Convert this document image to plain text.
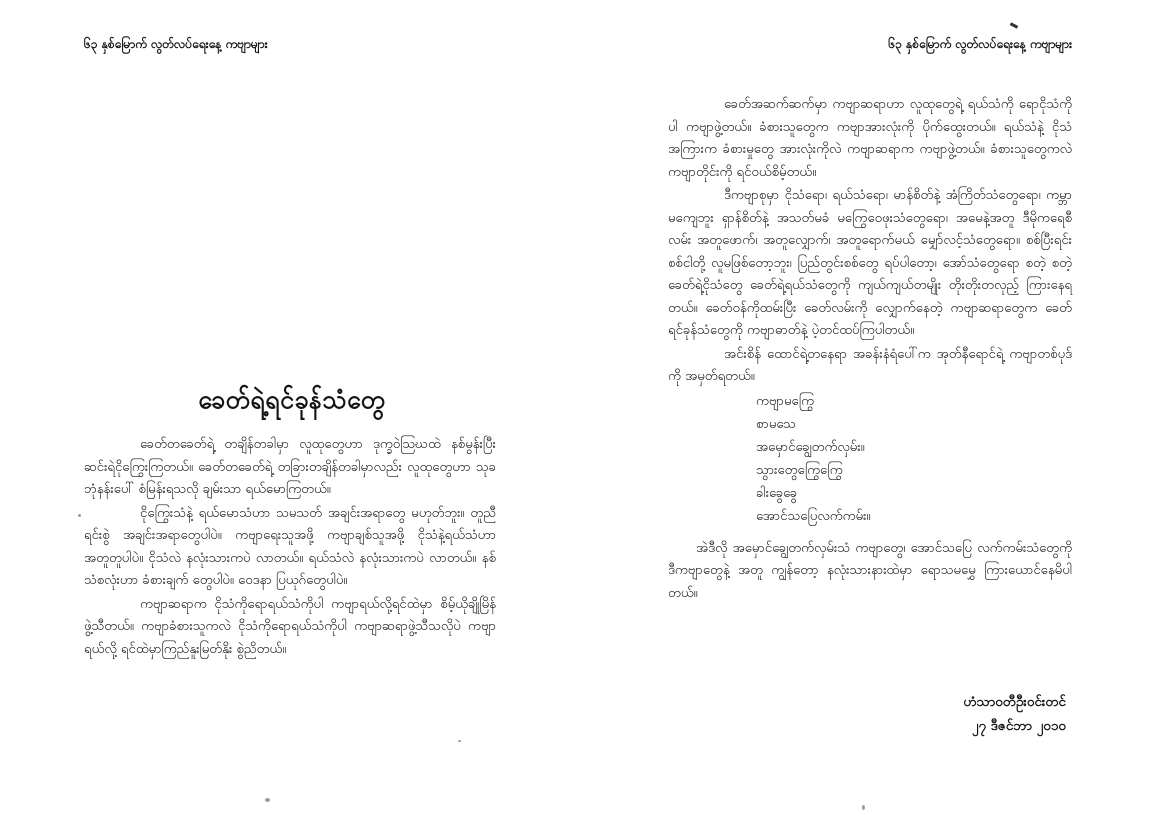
၆၃ နှစ်မြောက် လွတ်လပ်ရေးနေ့ ကဗျာများ
ခေတ်ရဲ့ရင်ခုန်သံတွေ

ခေတ်တခေတ်ရဲ့ တချိန်တခါမှာ လူထုတွေဟာ ဒုက္ခဝဲဩဃထဲ နစ်မွန်းပြီး ဆင်းရဲငိုကြွေးကြတယ်။ ခေတ်တခေတ်ရဲ့ တခြားတချိန်တခါမှာလည်း လူထုတွေဟာ သုခဘုံနန်းပေါ် စံမြန်းရသလို ချမ်းသာ ရယ်မောကြတယ်။

ငိုကြွေးသံနဲ့ ရယ်မောသံဟာ သမသတ် အချင်းအရာတွေ မဟုတ်ဘူး။ တူညီရင်းစွဲ အချင်းအရာတွေပါပဲ။ ကဗျာရေးသူအဖို့ ကဗျာချစ်သူအဖို့ ငိုသံနဲ့ရယ်သံဟာ အတူတူပါပဲ။ ငိုသံလဲ နလုံးသားကပဲ လာတယ်။ ရယ်သံလဲ နလုံးသားကပဲ လာတယ်။ နစ်သံစလုံးဟာ ခံစားချက် တွေပါပဲ။ ဝေဒနာ ပြယုဂ်တွေပါပဲ။

ကဗျာဆရာက ငိုသံကိုရောရယ်သံကိုပါ ကဗျာရယ်လို့ရင်ထဲမှာ စိမ့်ယိုချိုမြိန် ဖွဲ့သီတယ်။ ကဗျာခံစားသူကလဲ ငိုသံကိုရောရယ်သံကိုပါ ကဗျာဆရာဖွဲ့သီသလိုပဲ ကဗျာရယ်လို့ ရင်ထဲမှာကြည်နူးမြတ်နိုး စွဲညိတယ်။

၆၃ နှစ်မြောက် လွတ်လပ်ရေးနေ့ ကဗျာများ

ခေတ်အဆက်ဆက်မှာ ကဗျာဆရာဟာ လူထုတွေရဲ့ ရယ်သံကို ရောငိုသံကိုပါ ကဗျာဖွဲ့တယ်။ ခံစားသူတွေက ကဗျာအားလုံးကို ပိုက်ထွေးတယ်။ ရယ်သံနဲ့ ငိုသံအကြားက ခံစားမှုတွေ အားလုံးကိုလဲ ကဗျာဆရာက ကဗျာဖွဲ့တယ်။ ခံစားသူတွေကလဲ ကဗျာတိုင်းကို ရင်ဝယ်စိမ့်တယ်။

ဒီကဗျာစုမှာ ငိုသံရော၊ ရယ်သံရော၊ မာန်စိတ်နဲ့ အံကြိတ်သံတွေရော၊ ကမ္ဘာမကျေဘူး ရှာန်စိတ်နဲ့ အသတ်မခံ မကြွေဝေဖုးသံတွေရော၊ အမေနဲ့အတူ ဒီမိုကရေစီလမ်း အတူဖောက်၊ အတူလျှောက်၊ အတူရောက်မယ် မျှော်လင့်သံတွေရော။ စစ်ပြီးရင်းစစ်ငါတို့ လူမဖြစ်တော့ဘူး၊ ပြည်တွင်းစစ်တွေ ရပ်ပါတော့၊ အော်သံတွေရော စတဲ့ စတဲ့ ခေတ်ရဲ့ငိုသံတွေ ခေတ်ရဲ့ရယ်သံတွေကို ကျယ်ကျယ်တမျိုး တိုးတိုးတလုည့် ကြားနေရတယ်။ ခေတ်ဝန်ကိုထမ်းပြီး ခေတ်လမ်းကို လျှောက်နေတဲ့ ကဗျာဆရာတွေက ခေတ်ရင်ခုန်သံတွေကို ကဗျာဓာတ်နဲ့ ပဲ့တင်ထပ်ကြပါတယ်။

အင်းစိန် ထောင်ရဲ့တနေရာ အခန်းနံရံပေါ်က အုတ်နီရောင်ရဲ့ ကဗျာတစ်ပုဒ်ကို အမှတ်ရတယ်။

ကဗျာမကြွေ
စာမသေ
အမှောင်ချွေတက်လှမ်း။
သွားတွေကြွေကြွေ
ခါးခွေခွေ
အောင်သပြေလက်ကမ်း။

အဲဒီလို အမှောင်ချွေတက်လှမ်းသံ ကဗျာတွေ၊ အောင်သပြေ လက်ကမ်းသံတွေကို ဒီကဗျာတွေနဲ့ အတူ ကျွန်တော့ နလုံးသားနားထဲမှာ ရောသမမွှေ ကြားယောင်နေမိပါတယ်။

ဟံသာဝတီဦးဝင်းတင်
၂၇ ဒီဇင်ဘာ ၂၀၁၀
